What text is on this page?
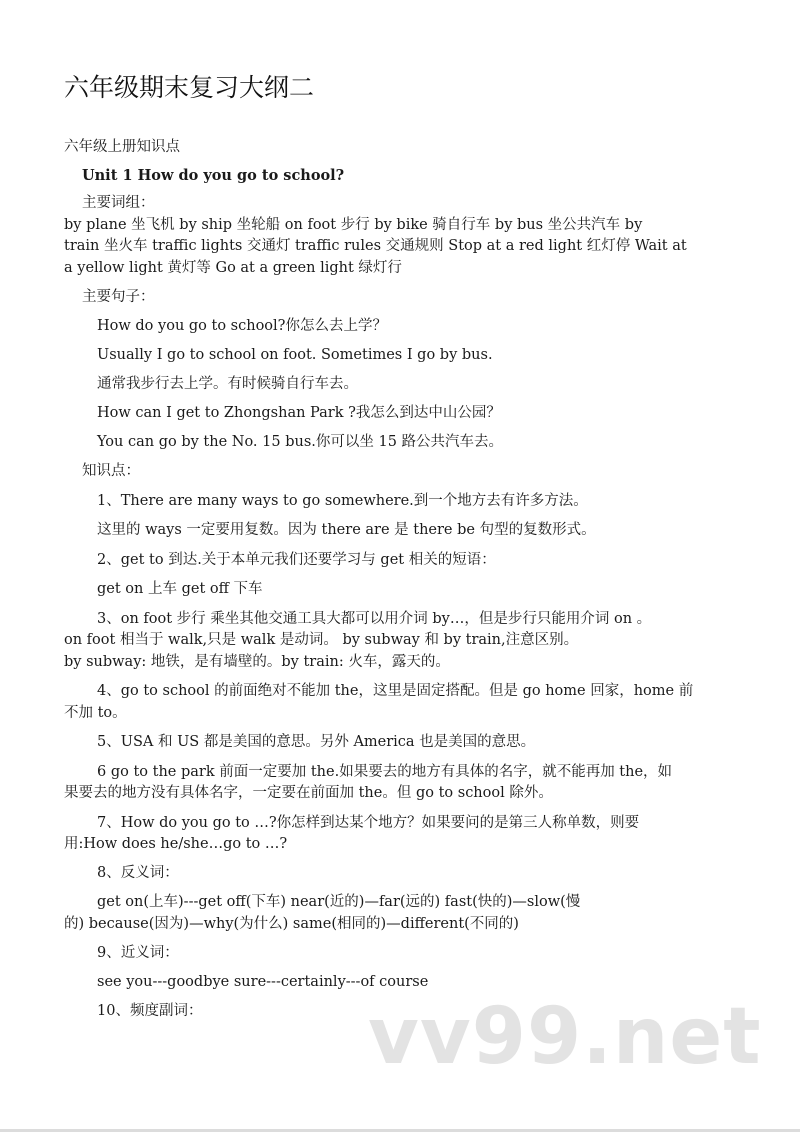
六年级期末复习大纲二
六年级上册知识点
Unit 1 How do you go to school?
主要词组：
by plane 坐飞机 by ship 坐轮船 on foot 步行 by bike 骑自行车 by bus 坐公共汽车 by
train 坐火车 traffic lights 交通灯 traffic rules 交通规则 Stop at a red light 红灯停 Wait at
a yellow light 黄灯等 Go at a green light 绿灯行
主要句子：
How do you go to school?你怎么去上学？
Usually I go to school on foot. Sometimes I go by bus.
通常我步行去上学。有时候骑自行车去。
How can I get to Zhongshan Park ?我怎么到达中山公园？
You can go by the No. 15 bus.你可以坐 15 路公共汽车去。
知识点：
1、There are many ways to go somewhere.到一个地方去有许多方法。
这里的 ways 一定要用复数。因为 there are 是 there be 句型的复数形式。
2、get to 到达.关于本单元我们还要学习与 get 相关的短语：
get on 上车 get off 下车
3、on foot 步行 乘坐其他交通工具大都可以用介词 by…，但是步行只能用介词 on 。
on foot 相当于 walk,只是 walk 是动词。 by subway 和 by train,注意区别。
by subway: 地铁，是有墙壁的。by train: 火车，露天的。
4、go to school 的前面绝对不能加 the，这里是固定搭配。但是 go home 回家，home 前
不加 to。
5、USA 和 US 都是美国的意思。另外 America 也是美国的意思。
6 go to the park 前面一定要加 the.如果要去的地方有具体的名字，就不能再加 the，如
果要去的地方没有具体名字，一定要在前面加 the。但 go to school 除外。
7、How do you go to …?你怎样到达某个地方？如果要问的是第三人称单数，则要
用:How does he/she…go to …?
8、反义词：
get on(上车)---get off(下车) near(近的)—far(远的) fast(快的)—slow(慢
的) because(因为)—why(为什么) same(相同的)—different(不同的)
9、近义词：
see you---goodbye sure---certainly---of course
10、频度副词： vv99.net
